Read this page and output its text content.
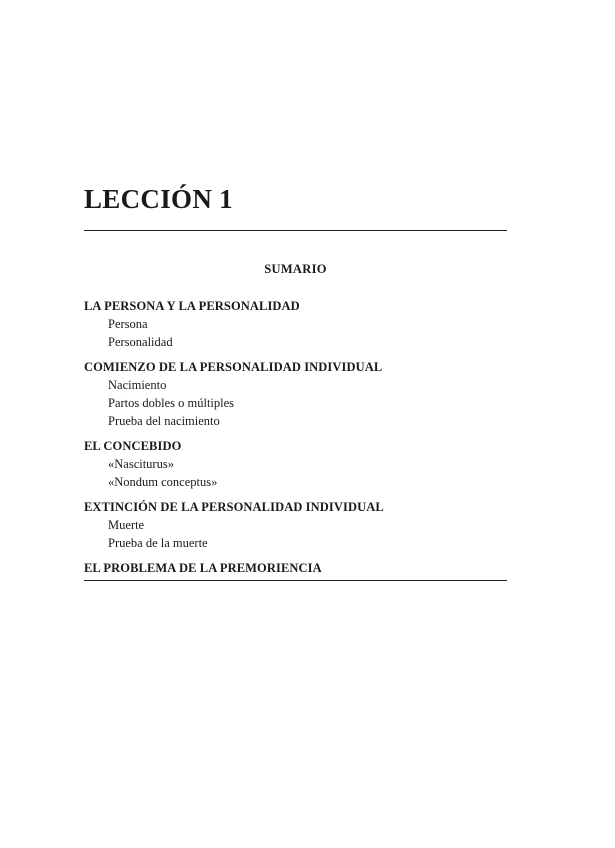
LECCIÓN 1
SUMARIO
LA PERSONA Y LA PERSONALIDAD
Persona
Personalidad
COMIENZO DE LA PERSONALIDAD INDIVIDUAL
Nacimiento
Partos dobles o múltiples
Prueba del nacimiento
EL CONCEBIDO
«Nasciturus»
«Nondum conceptus»
EXTINCIÓN DE LA PERSONALIDAD INDIVIDUAL
Muerte
Prueba de la muerte
EL PROBLEMA DE LA PREMORIENCIA
